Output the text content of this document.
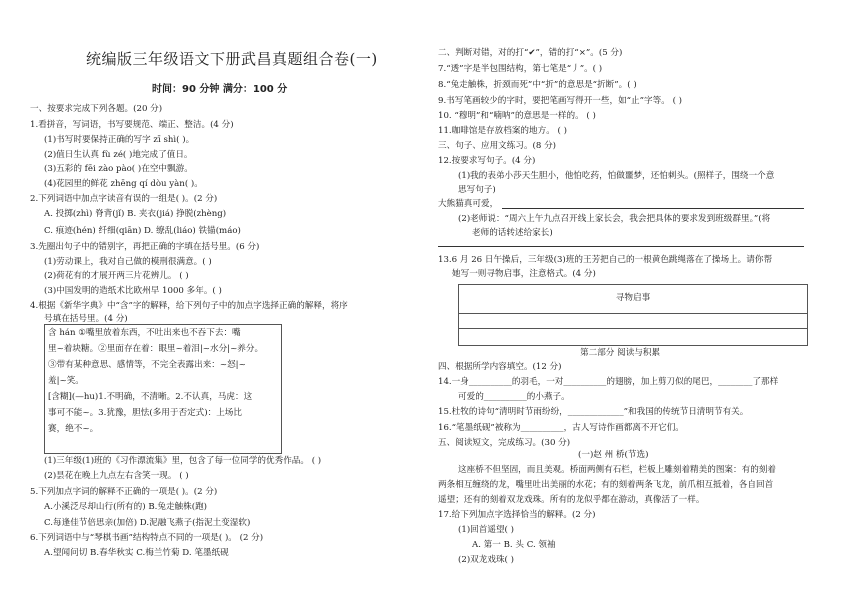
统编版三年级语文下册武昌真题组合卷(一)
时间：90 分钟 满分：100 分
一、按要求完成下列各题。(20 分)
1.看拼音，写词语，书写要规范、端正、整洁。(4 分)
(1)书写时要保持正确的写字 zī shì( )。
(2)值日生认真 fù zé( )地完成了值日。
(3)五彩的 fēi zào pào( )在空中飘游。
(4)花园里的鲜花 zhēng qí dòu yàn( )。
2.下列词语中加点字读音有误的一组是( )。(2 分)
A. 投掷(zhì) 脊背(jǐ) B. 夹衣(jiá) 挣脱(zhèng)
C. 痕迹(hén) 纤细(qiān) D. 缭乱(liáo) 铁锚(máo)
3.先圈出句子中的错别字，再把正确的字填在括号里。(6 分)
(1)劳动课上，我对自己做的模刑很满意。( )
(2)荷花有的才展开两三片花辨儿。 ( )
(3)中国发明的造纸术比欧州早 1000 多年。( )
4.根据《新华字典》中“含”字的解释，给下列句子中的加点字选择正确的解释，将序
号填在括号里。(4 分)
含 hán ①嘴里放着东西，不吐出来也不吞下去：嘴
里~着块糖。②里面存在着：眼里~着泪|~水分|~养分。
③带有某种意思、感情等，不完全表露出来：~怒|~
羞|~笑。
[含糊](—hu)1.不明确，不清晰。2.不认真，马虎：这
事可不能~。3.犹豫，胆怯(多用于否定式)：上场比
赛，绝不~。
(1)三年级(1)班的《习作漂流集》里，包含了每一位同学的优秀作品。 ( )
(2)昙花在晚上九点左右含笑一现。 ( )
5.下列加点字词的解释不正确的一项是( )。(2 分)
A.小溪泛尽却山行(所有的) B.兔走触株(跑)
C.每逢佳节倍思亲(加倍) D.泥融飞燕子(指泥土变湿软)
6.下列词语中与“琴棋书画”结构特点不同的一项是( )。 (2 分)
A.望闻问切 B.春华秋实 C.梅兰竹菊 D. 笔墨纸砚
二、判断对错，对的打“✔”，错的打“×”。(5 分)
7.“透”字是半包围结构，第七笔是“丿”。( )
8.“兔走触株，折颈而死”中“折”的意思是“折断”。( )
9.书写笔画较少的字时，要把笔画写得开一些，如“止”字等。 ( )
10. “穆明”和“喃呐”的意思是一样的。 ( )
11.咖啡馆是存放档案的地方。 ( )
三、句子、应用文练习。(8 分)
12.按要求写句子。(4 分)
(1)我的表弟小莎天生胆小，他怕吃药，怕做噩梦，还怕刺头。(照样子，围绕一个意
思写句子)
大熊猫真可爱，
(2)老师说：“周六上午九点召开线上家长会，我会把具体的要求发到班级群里。”(将
老师的话转述给家长)
13.6 月 26 日午操后，三年级(3)班的王芳把自己的一根黄色跳绳落在了操场上。请你帮
她写一则寻物启事，注意格式。(4 分)
寻物启事
第二部分 阅读与积累
四、根据所学内容填空。(12 分)
14.一身__________的羽毛，一对__________的翅膀，加上剪刀似的尾巴，________了那样
可爱的__________的小燕子。
15.杜牧的诗句“清明时节雨纷纷，_____________”和我国的传统节日清明节有关。
16.“笔墨纸砚”被称为__________，古人写诗作画都离不开它们。
五、阅读短文，完成练习。(30 分)
(一)赵 州 桥(节选)
这座桥不但坚固，而且美观。桥面两侧有石栏，栏板上雕刻着精美的图案：有的刻着
两条相互缠绕的龙，嘴里吐出美丽的水花；有的刻着两条飞龙，前爪相互抵着，各自回首
遥望；还有的刻着双龙戏珠。所有的龙似乎都在游动，真像活了一样。
17.给下列加点字选择恰当的解释。(2 分)
(1)回首遥望( )
A. 第一 B. 头 C. 领袖
(2)双龙戏珠( )
